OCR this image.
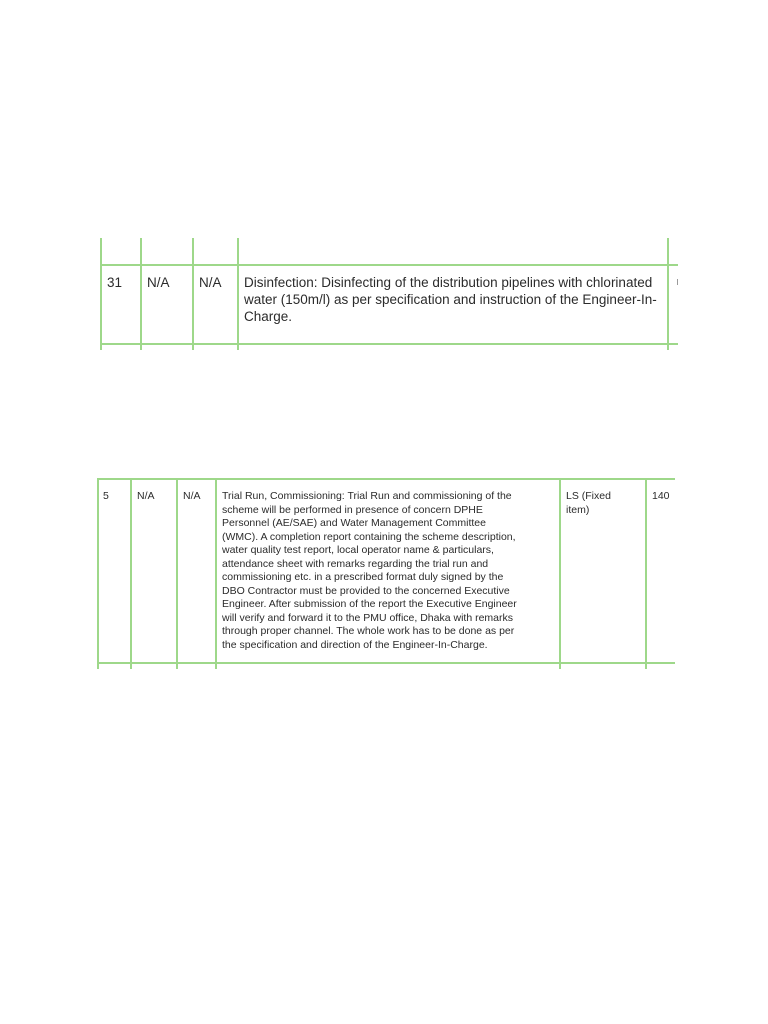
31 N/A N/A Disinfection: Disinfecting of the distribution pipelines with chlorinated
water (150m/l) as per specification and instruction of the Engineer-In-
Charge.
5	N/A	N/A Trial Run, Commissioning: Trial Run and commissioning of the
scheme will be performed in presence of concern DPHE
Personnel (AE/SAE) and Water Management Committee
(WMC). A completion report containing the scheme description,
water quality test report, local operator name & particulars,
attendance sheet with remarks regarding the trial run and
commissioning etc. in a prescribed format duly signed by the
DBO Contractor must be provided to the concerned Executive
Engineer. After submission of the report the Executive Engineer
will verify and forward it to the PMU office, Dhaka with remarks
through proper channel. The whole work has to be done as per
the specification and direction of the Engineer-In-Charge.
LS (Fixed
item)
140
